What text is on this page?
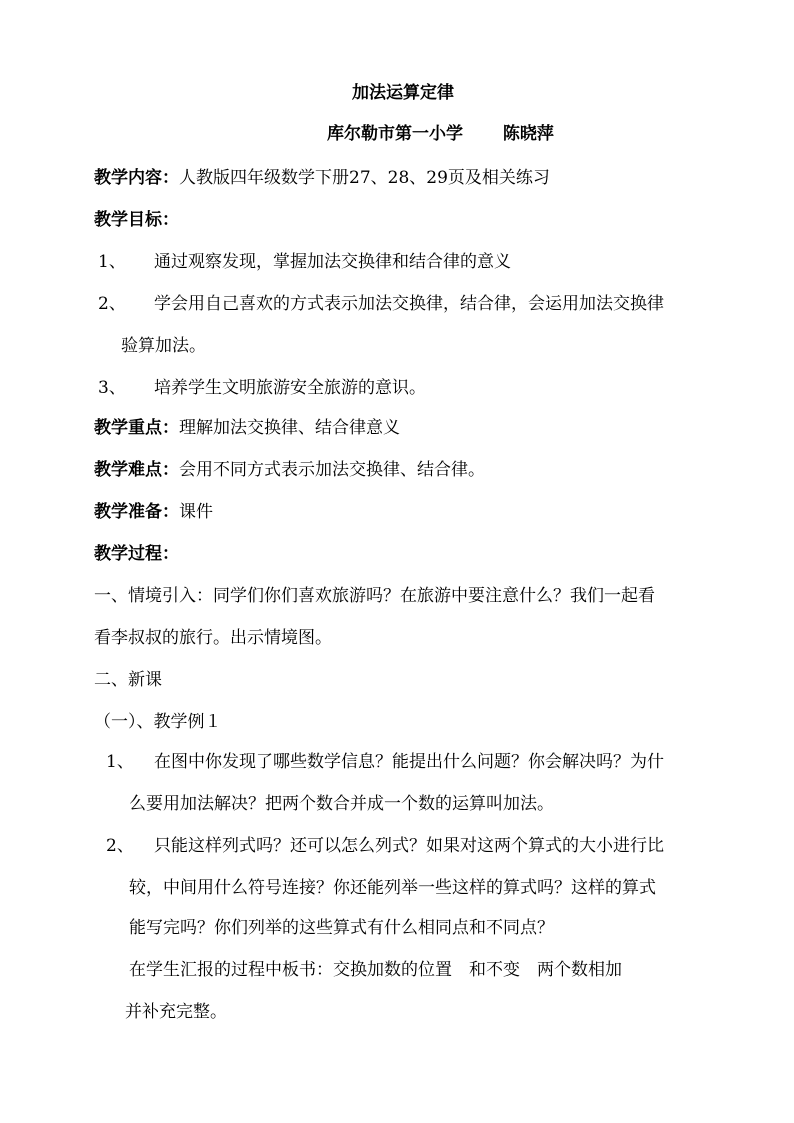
加法运算定律
库尔勒市第一小学 陈晓萍
教学内容：人教版四年级数学下册27、28、29页及相关练习
教学目标：
1、 通过观察发现，掌握加法交换律和结合律的意义
2、 学会用自己喜欢的方式表示加法交换律，结合律，会运用加法交换律
验算加法。
3、 培养学生文明旅游安全旅游的意识。
教学重点：理解加法交换律、结合律意义
教学难点：会用不同方式表示加法交换律、结合律。
教学准备：课件
教学过程：
一、情境引入：同学们你们喜欢旅游吗？在旅游中要注意什么？我们一起看
看李叔叔的旅行。出示情境图。
二、新课
（一）、教学例１
1、 在图中你发现了哪些数学信息？能提出什么问题？你会解决吗？为什
么要用加法解决？把两个数合并成一个数的运算叫加法。
2、 只能这样列式吗？还可以怎么列式？如果对这两个算式的大小进行比
较，中间用什么符号连接？你还能列举一些这样的算式吗？这样的算式
能写完吗？你们列举的这些算式有什么相同点和不同点？
在学生汇报的过程中板书：交换加数的位置　和不变　两个数相加
并补充完整。
